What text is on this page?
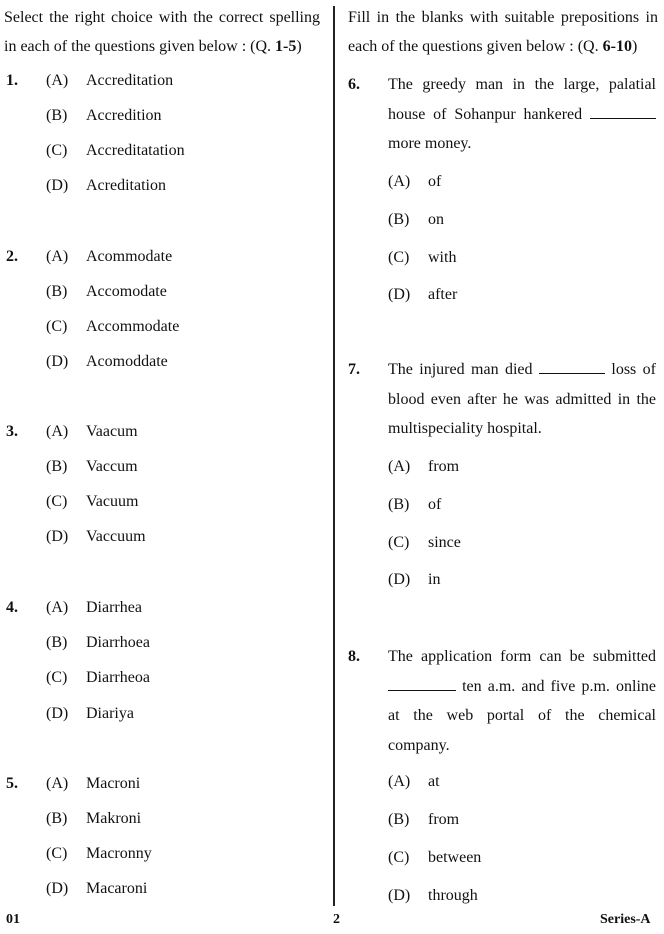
Select the right choice with the correct spelling in each of the questions given below : (Q. 1-5)
1. (A) Accreditation
(B) Accredition
(C) Accreditatation
(D) Acreditation
2. (A) Acommodate
(B) Accomodate
(C) Accommodate
(D) Acomoddate
3. (A) Vaacum
(B) Vaccum
(C) Vacuum
(D) Vaccuum
4. (A) Diarrhea
(B) Diarrhoea
(C) Diarrheoa
(D) Diariya
5. (A) Macroni
(B) Makroni
(C) Macronny
(D) Macaroni
Fill in the blanks with suitable prepositions in each of the questions given below : (Q. 6-10)
6. The greedy man in the large, palatial house of Sohanpur hankered  more money.
(A) of
(B) on
(C) with
(D) after
7. The injured man died	loss of blood even after he was admitted in the multispeciality hospital.
(A) from
(B) of
(C) since
(D) in
8. The application form can be submitted  ten a.m. and five p.m. online at the web portal of the chemical company.
(A) at
(B) from
(C) between
(D) through
01	2	Series-A
